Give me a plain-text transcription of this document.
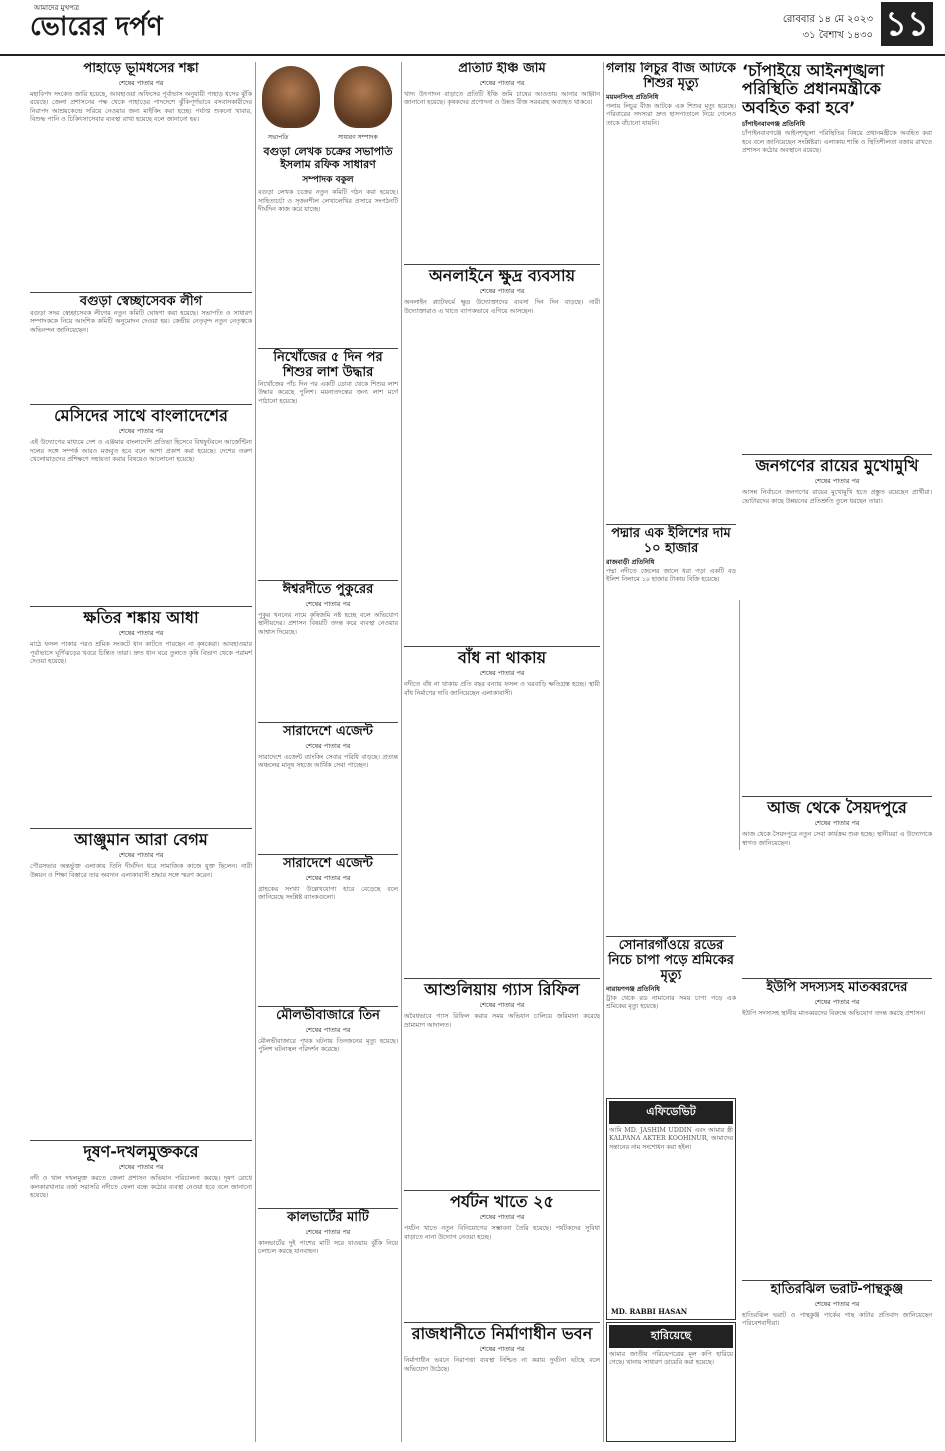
আমাদের মুখপত্র
ভোরের দর্পণ	রোববার ১৪ মে ২০২৩
৩১ বৈশাখ ১৪৩০ ১১
পাহাড়ে ভূমিধসের শঙ্কা
শেষের পাতার পর

মহাবিপদ সংকেত জারি হয়েছে, আবহাওয়া অফিসের পূর্বাভাস অনুযায়ী পাহাড় ধসের ঝুঁকি রয়েছে। জেলা প্রশাসনের পক্ষ থেকে পাহাড়ের পাদদেশে ঝুঁকিপূর্ণভাবে বসবাসকারীদের নিরাপদ আশ্রয়কেন্দ্রে সরিয়ে নেওয়ার জন্য মাইকিং করা হচ্ছে। পর্যাপ্ত শুকনো খাবার, বিশুদ্ধ পানি ও চিকিৎসাসেবার ব্যবস্থা রাখা হয়েছে বলে জানানো হয়।

বগুড়া স্বেচ্ছাসেবক লীগ

বগুড়া সদর স্বেচ্ছাসেবক লীগের নতুন কমিটি ঘোষণা করা হয়েছে। সভাপতি ও সাধারণ সম্পাদককে নিয়ে আংশিক কমিটি অনুমোদন দেওয়া হয়। কেন্দ্রীয় নেতৃবৃন্দ নতুন নেতৃত্বকে অভিনন্দন জানিয়েছেন।

মেসিদের সাথে বাংলাদেশের
শেষের পাতার পর

এই উদ্যোগের মাধ্যমে দেশ ও এঞ্জমার বাংলাদেশি প্রতিভা হিসেবে বিশ্বফুটবলে আর্জেন্টিনা দলের সঙ্গে সম্পর্ক আরও মজবুত হবে বলে আশা প্রকাশ করা হয়েছে। দেশের তরুণ খেলোয়াড়দের প্রশিক্ষণে সহায়তা করার বিষয়েও আলোচনা হয়েছে।

ক্ষতির শঙ্কায় আধা
শেষের পাতার পর

মাঠে ফসল পাকার পরও শ্রমিক সংকটে ধান কাটতে পারছেন না কৃষকেরা। আবহাওয়ার পূর্বাভাসে ঘূর্ণিঝড়ের খবরে চিন্তিত তারা। দ্রুত ধান ঘরে তুলতে কৃষি বিভাগ থেকে পরামর্শ দেওয়া হয়েছে।

আঞ্জুমান আরা বেগম
শেষের পাতার পর

পৌরসভার অন্তর্ভুক্ত এলাকায় তিনি দীর্ঘদিন ধরে সামাজিক কাজে যুক্ত ছিলেন। নারী উন্নয়ন ও শিক্ষা বিস্তারে তার অবদান এলাকাবাসী শ্রদ্ধার সঙ্গে স্মরণ করেন।

দূষণ-দখলমুক্তকরে
শেষের পাতার পর

নদী ও খাল দখলমুক্ত করতে জেলা প্রশাসন অভিযান পরিচালনা করছে। দূষণ রোধে কলকারখানার বর্জ্য সরাসরি নদীতে ফেলা বন্ধে কঠোর ব্যবস্থা নেওয়া হবে বলে জানানো হয়েছে।

সভাপতি	সাধারণ সম্পাদক
বগুড়া লেখক চক্রের সভাপতি ইসলাম রফিক সাধারণ
সম্পাদক বকুল

বগুড়া লেখক চক্রের নতুন কমিটি গঠন করা হয়েছে। সাহিত্যচর্চা ও সৃজনশীল লেখালেখির প্রসারে সংগঠনটি দীর্ঘদিন কাজ করে যাচ্ছে।

নিখোঁজের ৫ দিন পর শিশুর লাশ উদ্ধার

নিখোঁজের পাঁচ দিন পর একটি ডোবা থেকে শিশুর লাশ উদ্ধার করেছে পুলিশ। ময়নাতদন্তের জন্য লাশ মর্গে পাঠানো হয়েছে।

ঈশ্বরদীতে পুকুরের
শেষের পাতার পর

পুকুর খননের নামে কৃষিজমি নষ্ট হচ্ছে বলে অভিযোগ স্থানীয়দের। প্রশাসন বিষয়টি তদন্ত করে ব্যবস্থা নেওয়ার আশ্বাস দিয়েছে।

সারাদেশে এজেন্ট
শেষের পাতার পর

সারাদেশে এজেন্ট ব্যাংকিং সেবার পরিধি বাড়ছে। প্রত্যন্ত অঞ্চলের মানুষ সহজে আর্থিক সেবা পাচ্ছেন।

সারাদেশে এজেন্ট
শেষের পাতার পর

গ্রাহকের সংখ্যা উল্লেখযোগ্য হারে বেড়েছে বলে জানিয়েছে সংশ্লিষ্ট ব্যাংকগুলো।

মৌলভীবাজারে তিন
শেষের পাতার পর

মৌলভীবাজারে পৃথক ঘটনায় তিনজনের মৃত্যু হয়েছে। পুলিশ ঘটনাস্থল পরিদর্শন করেছে।

কালভার্টের মাটি
শেষের পাতার পর

কালভার্টের দুই পাশের মাটি সরে যাওয়ায় ঝুঁকি নিয়ে চলাচল করছে যানবাহন।

প্রতিটি ইঞ্চি জমি
শেষের পাতার পর

খাদ্য উৎপাদন বাড়াতে প্রতিটি ইঞ্চি জমি চাষের আওতায় আনার আহ্বান জানানো হয়েছে। কৃষকদের প্রণোদনা ও উন্নত বীজ সরবরাহ অব্যাহত থাকবে।

অনলাইনে ক্ষুদ্র ব্যবসায়
শেষের পাতার পর

অনলাইন প্ল্যাটফর্মে ক্ষুদ্র উদ্যোক্তাদের ব্যবসা দিন দিন বাড়ছে। নারী উদ্যোক্তারাও এ খাতে ব্যাপকভাবে এগিয়ে আসছেন।

বাঁধ না থাকায়
শেষের পাতার পর

নদীতে বাঁধ না থাকায় প্রতি বছর বন্যায় ফসল ও ঘরবাড়ি ক্ষতিগ্রস্ত হচ্ছে। স্থায়ী বাঁধ নির্মাণের দাবি জানিয়েছেন এলাকাবাসী।

আশুলিয়ায় গ্যাস রিফিল
শেষের পাতার পর

অবৈধভাবে গ্যাস রিফিল করার সময় অভিযান চালিয়ে জরিমানা করেছে ভ্রাম্যমাণ আদালত।

পর্যটন খাতে ২৫
শেষের পাতার পর

পর্যটন খাতে নতুন বিনিয়োগের সম্ভাবনা তৈরি হয়েছে। পর্যটকদের সুবিধা বাড়াতে নানা উদ্যোগ নেওয়া হচ্ছে।

রাজধানীতে নির্মাণাধীন ভবন
শেষের পাতার পর

নির্মাণাধীন ভবনে নিরাপত্তা ব্যবস্থা নিশ্চিত না করায় দুর্ঘটনা ঘটছে বলে অভিযোগ উঠেছে।

গলায় লিচুর বীজ আটকে শিশুর মৃত্যু
ময়মনসিংহ প্রতিনিধি

গলায় লিচুর বীজ আটকে এক শিশুর মৃত্যু হয়েছে। পরিবারের সদস্যরা দ্রুত হাসপাতালে নিয়ে গেলেও তাকে বাঁচানো যায়নি।

পদ্মার এক ইলিশের দাম ১০ হাজার
রাজবাড়ী প্রতিনিধি

পদ্মা নদীতে জেলের জালে ধরা পড়া একটি বড় ইলিশ নিলামে ১০ হাজার টাকায় বিক্রি হয়েছে।

সোনারগাঁওয়ে রডের নিচে চাপা পড়ে শ্রমিকের মৃত্যু
নারায়ণগঞ্জ প্রতিনিধি

ট্রাক থেকে রড নামানোর সময় চাপা পড়ে এক শ্রমিকের মৃত্যু হয়েছে।

এফিডেভিট

আমি MD. JASHIM UDDIN এবং আমার স্ত্রী KALPANA AKTER KOOHINUR, আমাদের সন্তানের নাম সংশোধন করা হইল।

MD. RABBI HASAN
হারিয়েছে

আমার জাতীয় পরিচয়পত্রের মূল কপি হারিয়ে গেছে। থানায় সাধারণ ডায়েরি করা হয়েছে।

‘চাঁপাইয়ে আইনশৃঙ্খলা পরিস্থিতি প্রধানমন্ত্রীকে অবহিত করা হবে’
চাঁপাইনবাবগঞ্জ প্রতিনিধি

চাঁপাইনবাবগঞ্জে আইনশৃঙ্খলা পরিস্থিতির বিষয়ে প্রধানমন্ত্রীকে অবহিত করা হবে বলে জানিয়েছেন সংশ্লিষ্টরা। এলাকায় শান্তি ও স্থিতিশীলতা বজায় রাখতে প্রশাসন কঠোর অবস্থানে রয়েছে।

জনগণের রায়ের মুখোমুখি
শেষের পাতার পর

আসন্ন নির্বাচনে জনগণের রায়ের মুখোমুখি হতে প্রস্তুত রয়েছেন প্রার্থীরা। ভোটারদের কাছে উন্নয়নের প্রতিশ্রুতি তুলে ধরছেন তারা।

আজ থেকে সৈয়দপুরে
শেষের পাতার পর

আজ থেকে সৈয়দপুরে নতুন সেবা কার্যক্রম শুরু হচ্ছে। স্থানীয়রা এ উদ্যোগকে স্বাগত জানিয়েছেন।

ইউপি সদস্যসহ মাতব্বরদের
শেষের পাতার পর

ইউপি সদস্যসহ স্থানীয় মাতব্বরদের বিরুদ্ধে অভিযোগ তদন্ত করছে প্রশাসন।

হাতিরঝিল ভরাট-পান্থকুঞ্জ
শেষের পাতার পর

হাতিরঝিল ভরাট ও পান্থকুঞ্জ পার্কের গাছ কাটার প্রতিবাদ জানিয়েছেন পরিবেশবাদীরা।
